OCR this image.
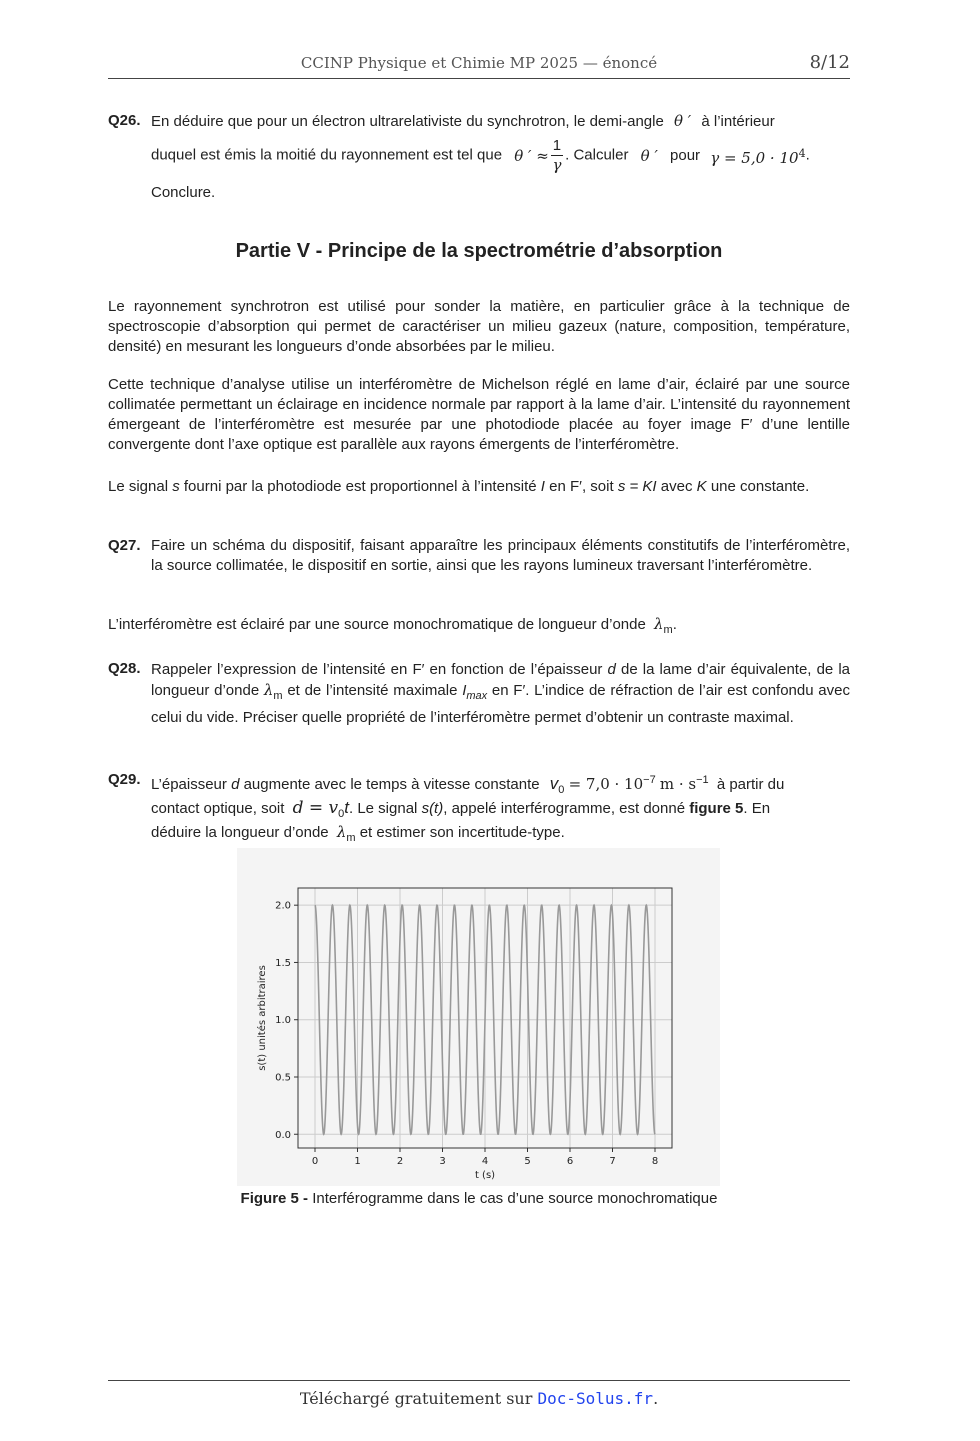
CCINP Physique et Chimie MP 2025 — énoncé	8/12
Q26. En déduire que pour un électron ultrarelativiste du synchrotron, le demi-angle θ ′ à l’intérieur
duquel est émis la moitié du rayonnement est tel que θ ′ ≈ $\frac{1}{\gamma}$ . Calculer θ ′ pour $\gamma = 5,0 \cdot 10^4$.
Conclure.
Partie V - Principe de la spectrométrie d’absorption
Le rayonnement synchrotron est utilisé pour sonder la matière, en particulier grâce à la technique de spectroscopie d’absorption qui permet de caractériser un milieu gazeux (nature, composition, température, densité) en mesurant les longueurs d’onde absorbées par le milieu.
Cette technique d’analyse utilise un interféromètre de Michelson réglé en lame d’air, éclairé par une source collimatée permettant un éclairage en incidence normale par rapport à la lame d’air. L’intensité du rayonnement émergeant de l’interféromètre est mesurée par une photodiode placée au foyer image F′ d’une lentille convergente dont l’axe optique est parallèle aux rayons émergents de l’interféromètre.
Le signal s fourni par la photodiode est proportionnel à l’intensité I en F′, soit s = KI avec K une constante.
Q27. Faire un schéma du dispositif, faisant apparaître les principaux éléments constitutifs de l’interféromètre, la source collimatée, le dispositif en sortie, ainsi que les rayons lumineux traversant l’interféromètre.
L’interféromètre est éclairé par une source monochromatique de longueur d’onde $\lambda_m$.
Q28. Rappeler l’expression de l’intensité en F′ en fonction de l’épaisseur d de la lame d’air équivalente, de la longueur d’onde $\lambda_m$ et de l’intensité maximale $I_{max}$ en F′. L’indice de réfraction de l’air est confondu avec celui du vide. Préciser quelle propriété de l’interféromètre permet d’obtenir un contraste maximal.
Q29. L’épaisseur d augmente avec le temps à vitesse constante $v_0 = 7,0 \cdot 10^{-7}$ $m \cdot s^{-1}$ à partir du
contact optique, soit $d = v_0t$. Le signal s(t), appelé interférogramme, est donné figure 5. En
déduire la longueur d’onde $\lambda_m$ et estimer son incertitude-type.
0	1	2	3	4	5	6	7	8
0.0
0.5
1.0
1.5
2.0
t (s)
s(t) unités arbitraires
Figure 5 - Interférogramme dans le cas d’une source monochromatique
Téléchargé gratuitement sur Doc-Solus.fr.
